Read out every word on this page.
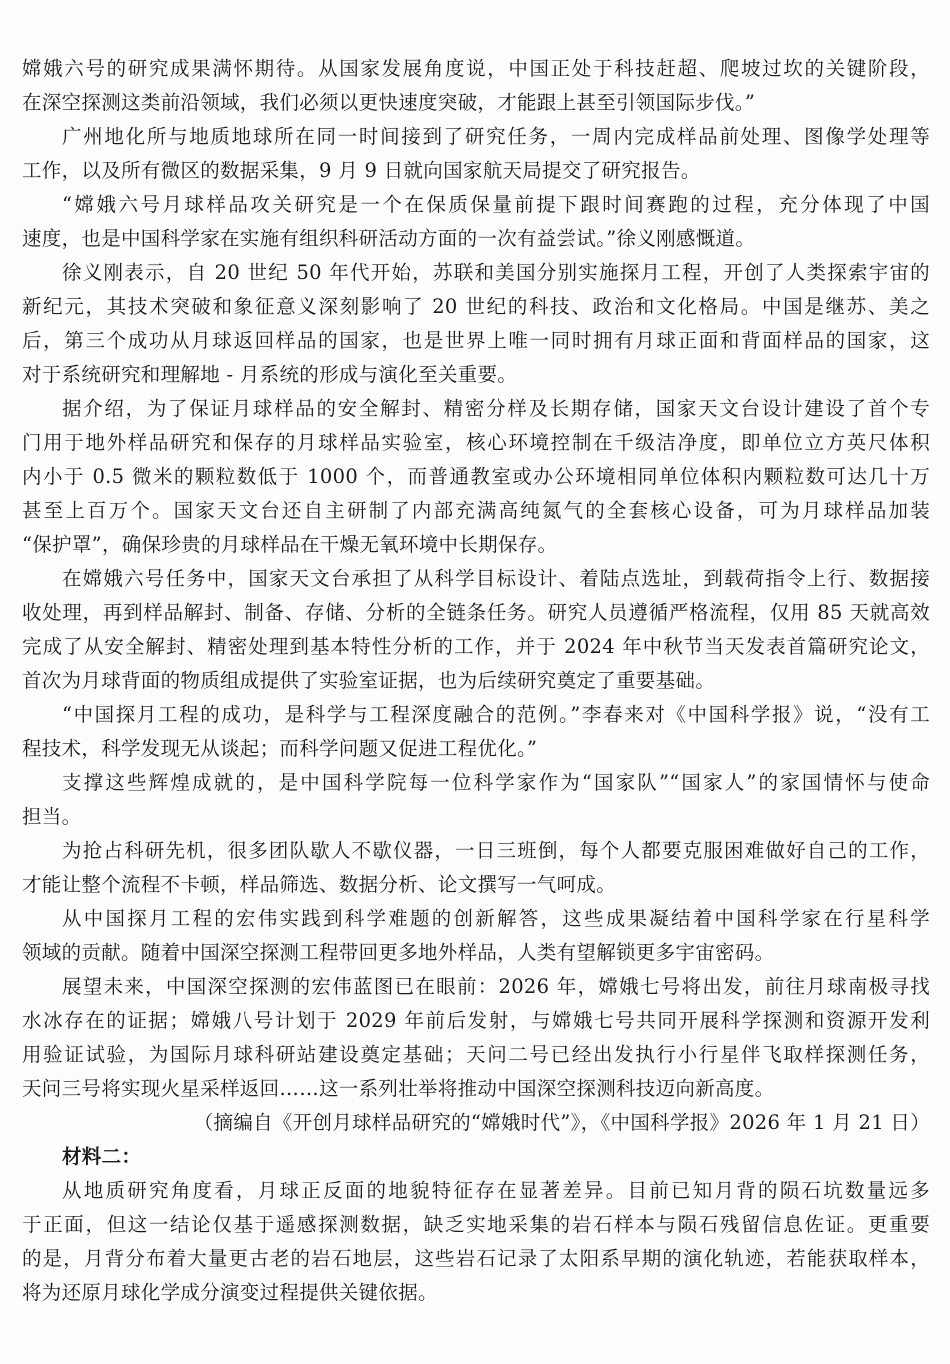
嫦娥六号的研究成果满怀期待。从国家发展角度说，中国正处于科技赶超、爬坡过坎的关键阶段，
在深空探测这类前沿领域，我们必须以更快速度突破，才能跟上甚至引领国际步伐。”
广州地化所与地质地球所在同一时间接到了研究任务，一周内完成样品前处理、图像学处理等
工作，以及所有微区的数据采集，9 月 9 日就向国家航天局提交了研究报告。
“嫦娥六号月球样品攻关研究是一个在保质保量前提下跟时间赛跑的过程，充分体现了中国
速度，也是中国科学家在实施有组织科研活动方面的一次有益尝试。”徐义刚感慨道。
徐义刚表示，自 20 世纪 50 年代开始，苏联和美国分别实施探月工程，开创了人类探索宇宙的
新纪元，其技术突破和象征意义深刻影响了 20 世纪的科技、政治和文化格局。中国是继苏、美之
后，第三个成功从月球返回样品的国家，也是世界上唯一同时拥有月球正面和背面样品的国家，这
对于系统研究和理解地 - 月系统的形成与演化至关重要。
据介绍，为了保证月球样品的安全解封、精密分样及长期存储，国家天文台设计建设了首个专
门用于地外样品研究和保存的月球样品实验室，核心环境控制在千级洁净度，即单位立方英尺体积
内小于 0.5 微米的颗粒数低于 1000 个，而普通教室或办公环境相同单位体积内颗粒数可达几十万
甚至上百万个。国家天文台还自主研制了内部充满高纯氮气的全套核心设备，可为月球样品加装
“保护罩”，确保珍贵的月球样品在干燥无氧环境中长期保存。
在嫦娥六号任务中，国家天文台承担了从科学目标设计、着陆点选址，到载荷指令上行、数据接
收处理，再到样品解封、制备、存储、分析的全链条任务。研究人员遵循严格流程，仅用 85 天就高效
完成了从安全解封、精密处理到基本特性分析的工作，并于 2024 年中秋节当天发表首篇研究论文，
首次为月球背面的物质组成提供了实验室证据，也为后续研究奠定了重要基础。
“中国探月工程的成功，是科学与工程深度融合的范例。”李春来对《中国科学报》说，“没有工
程技术，科学发现无从谈起；而科学问题又促进工程优化。”
支撑这些辉煌成就的，是中国科学院每一位科学家作为“国家队”“国家人”的家国情怀与使命
担当。
为抢占科研先机，很多团队歇人不歇仪器，一日三班倒，每个人都要克服困难做好自己的工作，
才能让整个流程不卡顿，样品筛选、数据分析、论文撰写一气呵成。
从中国探月工程的宏伟实践到科学难题的创新解答，这些成果凝结着中国科学家在行星科学
领域的贡献。随着中国深空探测工程带回更多地外样品，人类有望解锁更多宇宙密码。
展望未来，中国深空探测的宏伟蓝图已在眼前：2026 年，嫦娥七号将出发，前往月球南极寻找
水冰存在的证据；嫦娥八号计划于 2029 年前后发射，与嫦娥七号共同开展科学探测和资源开发利
用验证试验，为国际月球科研站建设奠定基础；天问二号已经出发执行小行星伴飞取样探测任务，
天问三号将实现火星采样返回……这一系列壮举将推动中国深空探测科技迈向新高度。
（摘编自《开创月球样品研究的“嫦娥时代”》，《中国科学报》2026 年 1 月 21 日）
材料二：
从地质研究角度看，月球正反面的地貌特征存在显著差异。目前已知月背的陨石坑数量远多
于正面，但这一结论仅基于遥感探测数据，缺乏实地采集的岩石样本与陨石残留信息佐证。更重要
的是，月背分布着大量更古老的岩石地层，这些岩石记录了太阳系早期的演化轨迹，若能获取样本，
将为还原月球化学成分演变过程提供关键依据。
